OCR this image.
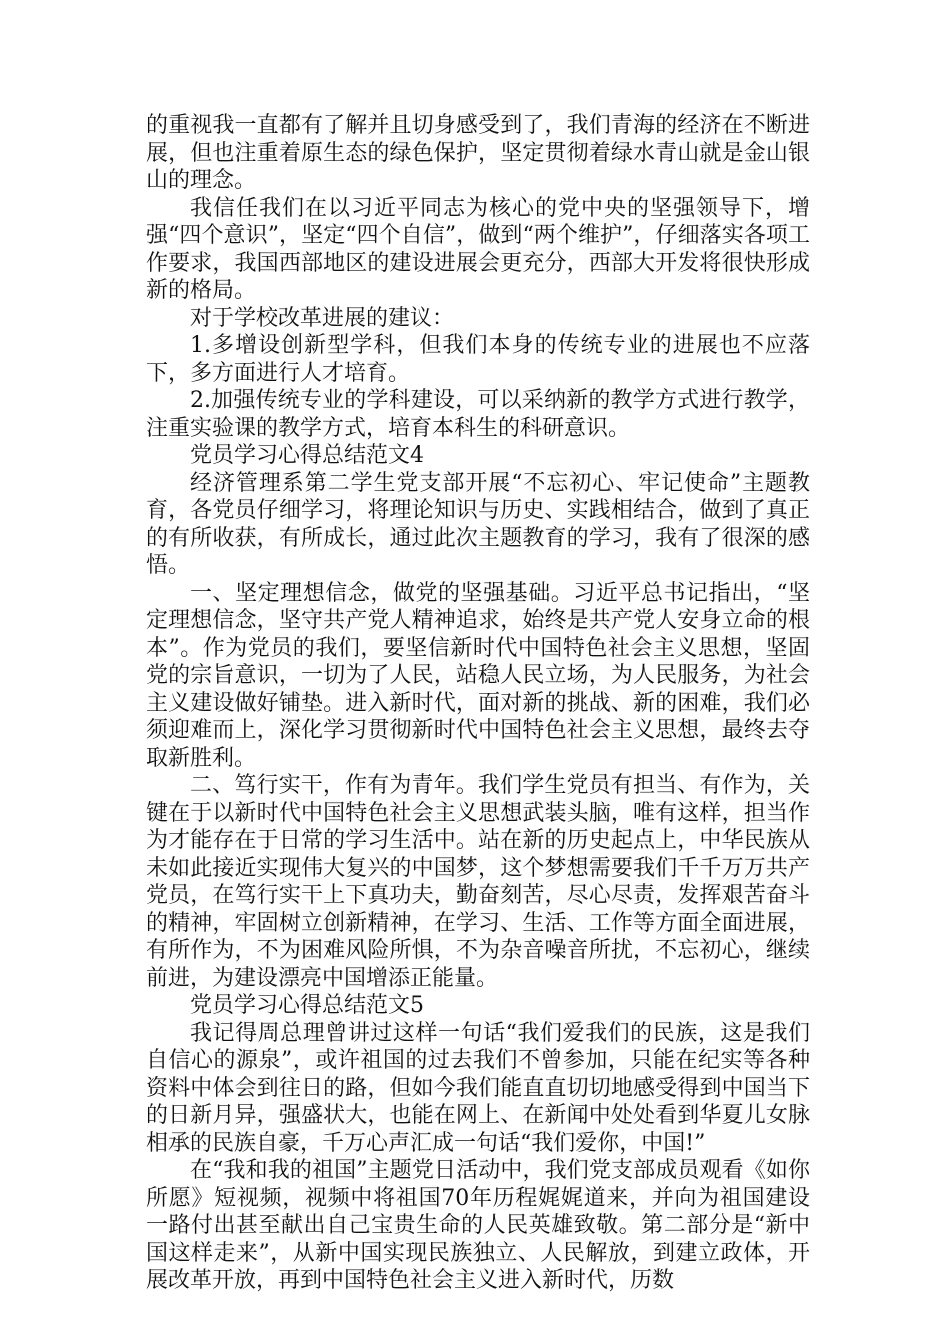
的重视我一直都有了解并且切身感受到了，我们青海的经济在不断进展，但也注重着原生态的绿色保护，坚定贯彻着绿水青山就是金山银山的理念。

我信任我们在以习近平同志为核心的党中央的坚强领导下，增强“四个意识”，坚定“四个自信”，做到“两个维护”，仔细落实各项工作要求，我国西部地区的建设进展会更充分，西部大开发将很快形成新的格局。

对于学校改革进展的建议：

1.多增设创新型学科，但我们本身的传统专业的进展也不应落下，多方面进行人才培育。

2.加强传统专业的学科建设，可以采纳新的教学方式进行教学，注重实验课的教学方式，培育本科生的科研意识。

党员学习心得总结范文4

经济管理系第二学生党支部开展“不忘初心、牢记使命”主题教育，各党员仔细学习，将理论知识与历史、实践相结合，做到了真正的有所收获，有所成长，通过此次主题教育的学习，我有了很深的感悟。

一、坚定理想信念，做党的坚强基础。习近平总书记指出，“坚定理想信念，坚守共产党人精神追求，始终是共产党人安身立命的根本”。作为党员的我们，要坚信新时代中国特色社会主义思想，坚固党的宗旨意识，一切为了人民，站稳人民立场，为人民服务，为社会主义建设做好铺垫。进入新时代，面对新的挑战、新的困难，我们必须迎难而上，深化学习贯彻新时代中国特色社会主义思想，最终去夺取新胜利。

二、笃行实干，作有为青年。我们学生党员有担当、有作为，关键在于以新时代中国特色社会主义思想武装头脑，唯有这样，担当作为才能存在于日常的学习生活中。站在新的历史起点上，中华民族从未如此接近实现伟大复兴的中国梦，这个梦想需要我们千千万万共产党员，在笃行实干上下真功夫，勤奋刻苦，尽心尽责，发挥艰苦奋斗的精神，牢固树立创新精神，在学习、生活、工作等方面全面进展，有所作为，不为困难风险所惧，不为杂音噪音所扰，不忘初心，继续前进，为建设漂亮中国增添正能量。

党员学习心得总结范文5

我记得周总理曾讲过这样一句话“我们爱我们的民族，这是我们自信心的源泉”，或许祖国的过去我们不曾参加，只能在纪实等各种资料中体会到往日的路，但如今我们能直直切切地感受得到中国当下的日新月异，强盛状大，也能在网上、在新闻中处处看到华夏儿女脉相承的民族自豪，千万心声汇成一句话“我们爱你，中国!”

在“我和我的祖国”主题党日活动中，我们党支部成员观看《如你所愿》短视频，视频中将祖国70年历程娓娓道来，并向为祖国建设一路付出甚至献出自己宝贵生命的人民英雄致敬。第二部分是“新中国这样走来”，从新中国实现民族独立、人民解放，到建立政体，开展改革开放，再到中国特色社会主义进入新时代，历数
